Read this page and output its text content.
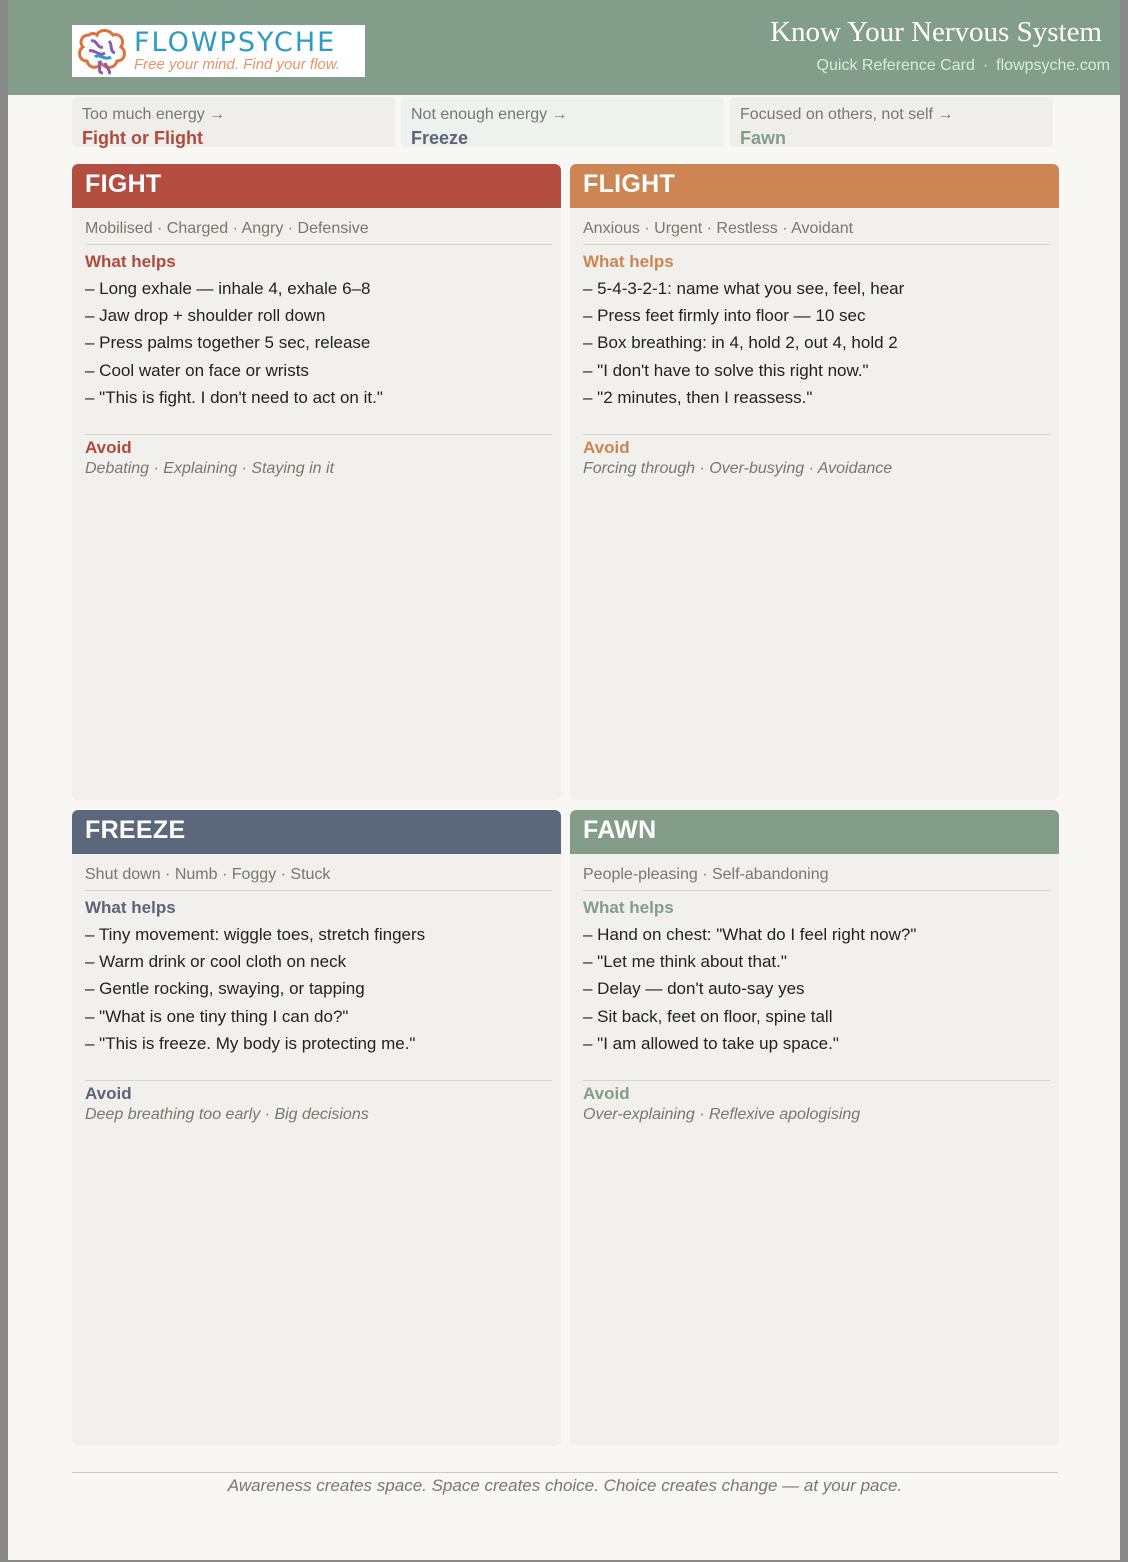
FLOWPSYCHE
Free your mind. Find your flow.
Know Your Nervous System
Quick Reference Card · flowpsyche.com
Too much energy →
Fight or Flight
Not enough energy →
Freeze
Focused on others, not self →
Fawn
FIGHT
Mobilised · Charged · Angry · Defensive
What helps
– Long exhale — inhale 4, exhale 6–8
– Jaw drop + shoulder roll down
– Press palms together 5 sec, release
– Cool water on face or wrists
– "This is fight. I don't need to act on it."
Avoid
Debating · Explaining · Staying in it
FLIGHT
Anxious · Urgent · Restless · Avoidant
What helps
– 5-4-3-2-1: name what you see, feel, hear
– Press feet firmly into floor — 10 sec
– Box breathing: in 4, hold 2, out 4, hold 2
– "I don't have to solve this right now."
– "2 minutes, then I reassess."
Avoid
Forcing through · Over-busying · Avoidance
FREEZE
Shut down · Numb · Foggy · Stuck
What helps
– Tiny movement: wiggle toes, stretch fingers
– Warm drink or cool cloth on neck
– Gentle rocking, swaying, or tapping
– "What is one tiny thing I can do?"
– "This is freeze. My body is protecting me."
Avoid
Deep breathing too early · Big decisions
FAWN
People-pleasing · Self-abandoning
What helps
– Hand on chest: "What do I feel right now?"
– "Let me think about that."
– Delay — don't auto-say yes
– Sit back, feet on floor, spine tall
– "I am allowed to take up space."
Avoid
Over-explaining · Reflexive apologising
Awareness creates space. Space creates choice. Choice creates change — at your pace.
